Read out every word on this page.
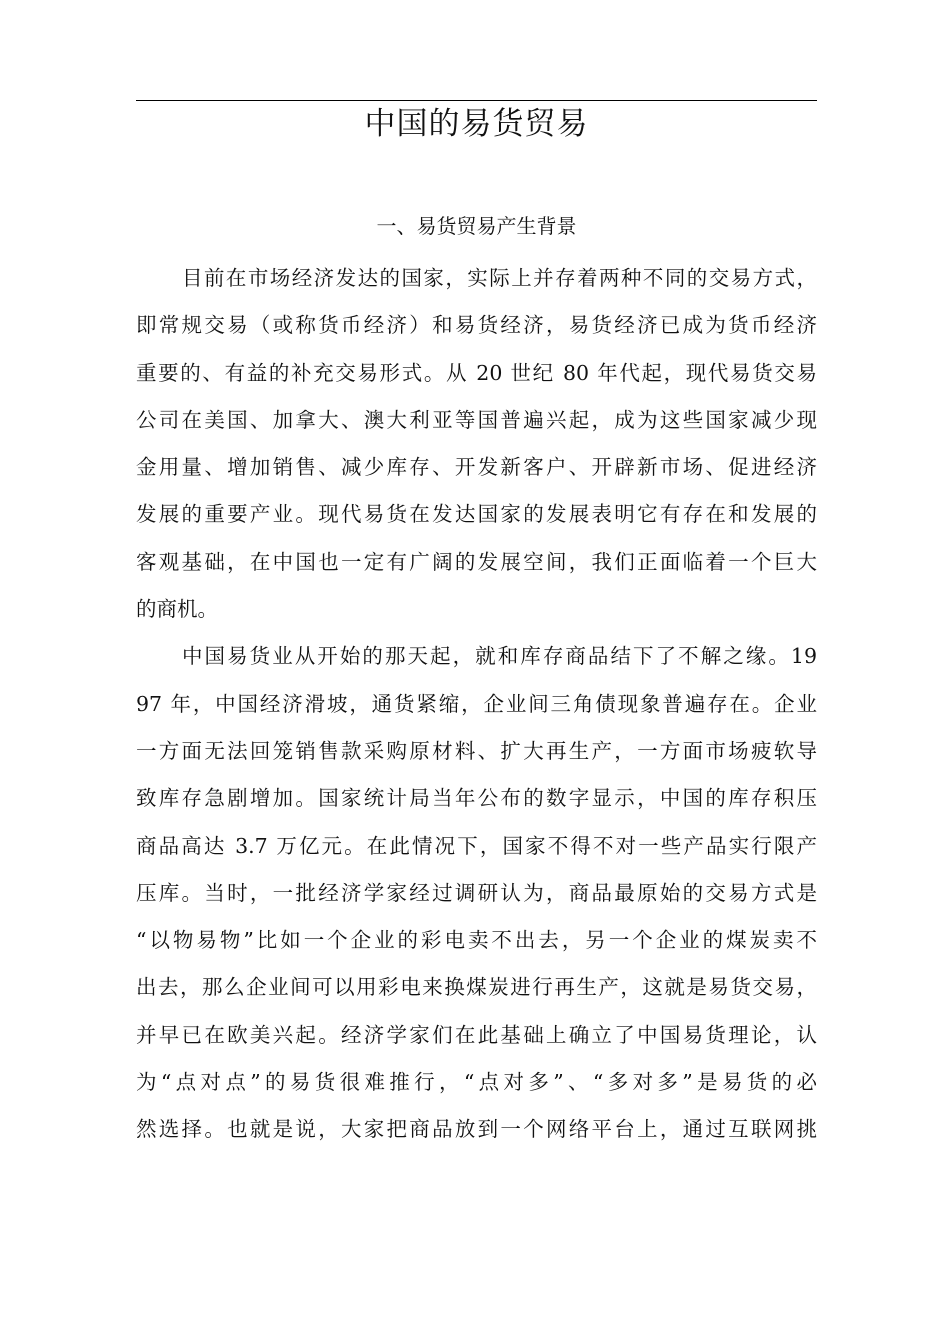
中国的易货贸易
一、易货贸易产生背景
目前在市场经济发达的国家，实际上并存着两种不同的交易方式，
即常规交易（或称货币经济）和易货经济，易货经济已成为货币经济
重要的、有益的补充交易形式。从 20 世纪 80 年代起，现代易货交易
公司在美国、加拿大、澳大利亚等国普遍兴起，成为这些国家减少现
金用量、增加销售、减少库存、开发新客户、开辟新市场、促进经济
发展的重要产业。现代易货在发达国家的发展表明它有存在和发展的
客观基础，在中国也一定有广阔的发展空间，我们正面临着一个巨大
的商机。
中国易货业从开始的那天起，就和库存商品结下了不解之缘。19
97 年，中国经济滑坡，通货紧缩，企业间三角债现象普遍存在。企业
一方面无法回笼销售款采购原材料、扩大再生产，一方面市场疲软导
致库存急剧增加。国家统计局当年公布的数字显示，中国的库存积压
商品高达 3.7 万亿元。在此情况下，国家不得不对一些产品实行限产
压库。当时，一批经济学家经过调研认为，商品最原始的交易方式是
“以物易物”比如一个企业的彩电卖不出去，另一个企业的煤炭卖不
出去，那么企业间可以用彩电来换煤炭进行再生产，这就是易货交易，
并早已在欧美兴起。经济学家们在此基础上确立了中国易货理论，认
为“点对点”的易货很难推行，“点对多”、“多对多”是易货的必
然选择。也就是说，大家把商品放到一个网络平台上，通过互联网挑
